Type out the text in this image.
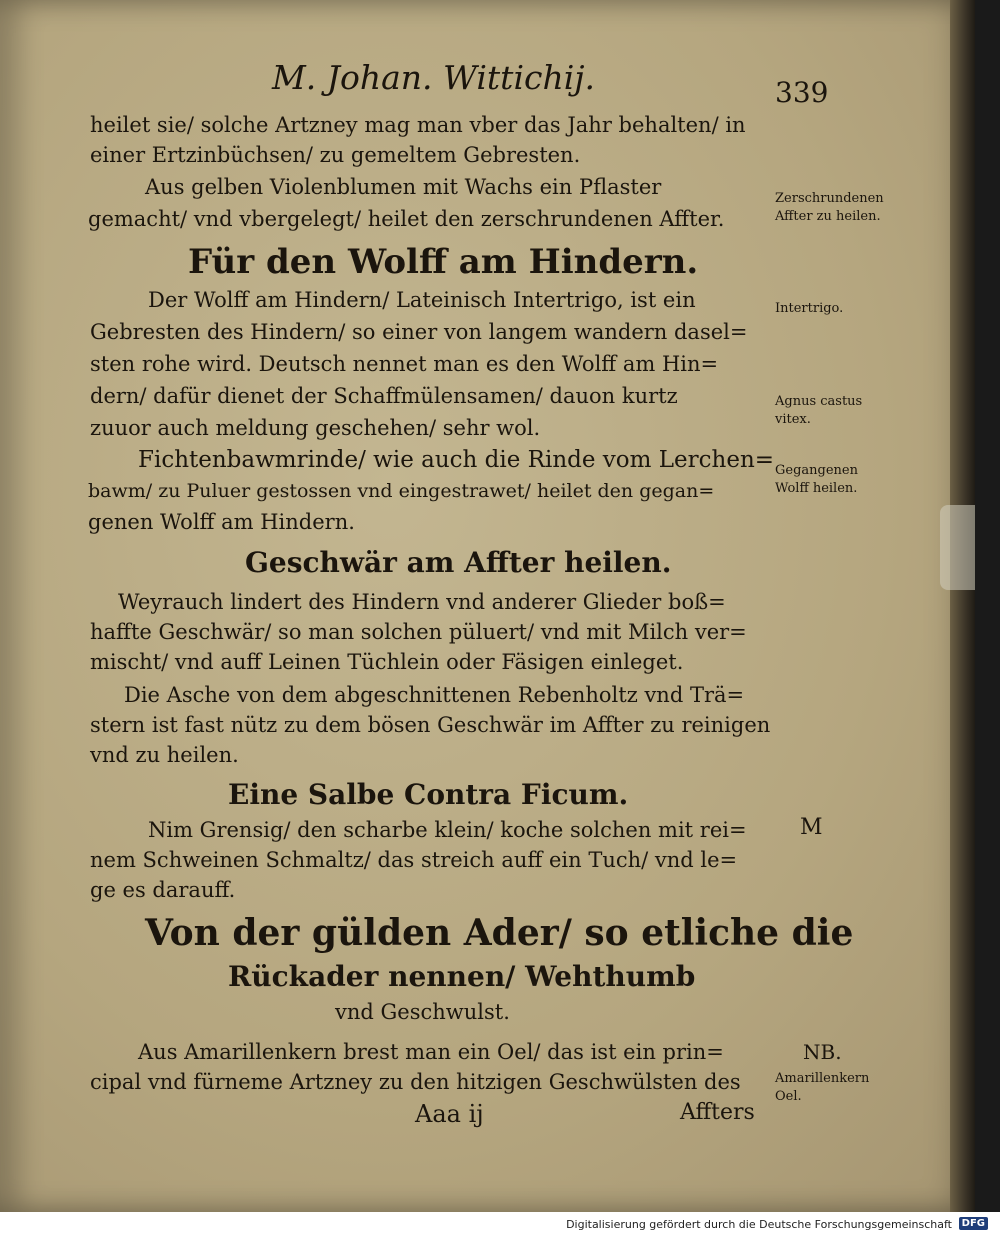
M. Johan. Wittichij.	339
heilet sie/ solche Artzney mag man vber das Jahr behalten/ in
einer Ertzinbüchsen/ zu gemeltem Gebresten.
Aus gelben Violenblumen mit Wachs ein Pflaster
gemacht/ vnd vbergelegt/ heilet den zerschrundenen Affter.
Für den Wolff am Hindern.
Der Wolff am Hindern/ Lateinisch Intertrigo, ist ein
Gebresten des Hindern/ so einer von langem wandern dasel=
sten rohe wird. Deutsch nennet man es den Wolff am Hin=
dern/ dafür dienet der Schaffmülensamen/ dauon kurtz
zuuor auch meldung geschehen/ sehr wol.
Fichtenbawmrinde/ wie auch die Rinde vom Lerchen=
bawm/ zu Puluer gestossen vnd eingestrawet/ heilet den gegan=
genen Wolff am Hindern.
Geschwär am Affter heilen.
Weyrauch lindert des Hindern vnd anderer Glieder boß=
hafftе Geschwär/ so man solchen püluert/ vnd mit Milch ver=
mischt/ vnd auff Leinen Tüchlein oder Fäsigen einleget.
Die Asche von dem abgeschnittenen Rebenholtz vnd Trä=
stern ist fast nütz zu dem bösen Geschwär im Affter zu reinigen
vnd zu heilen.
Eine Salbe Contra Ficum.
Nim Grensig/ den scharbe klein/ koche solchen mit rei=
nem Schweinen Schmaltz/ das streich auff ein Tuch/ vnd le=
ge es darauff.
Von der gülden Ader/ so etliche die
Rückader nennen/ Wehthumb
vnd Geschwulst.
Aus Amarillenkern brest man ein Oel/ das ist ein prin=
cipal vnd fürneme Artzney zu den hitzigen Geschwülsten des
Aaa ij	Affters
Zerschrundenen
Affter zu heilen.
Intertrigo.
Agnus castus
vitex.
Gegangenen
Wolff heilen.
M
NB.
Amarillenkern
Oel.
Digitalisierung gefördert durch die Deutsche Forschungsgemeinschaft DFG
